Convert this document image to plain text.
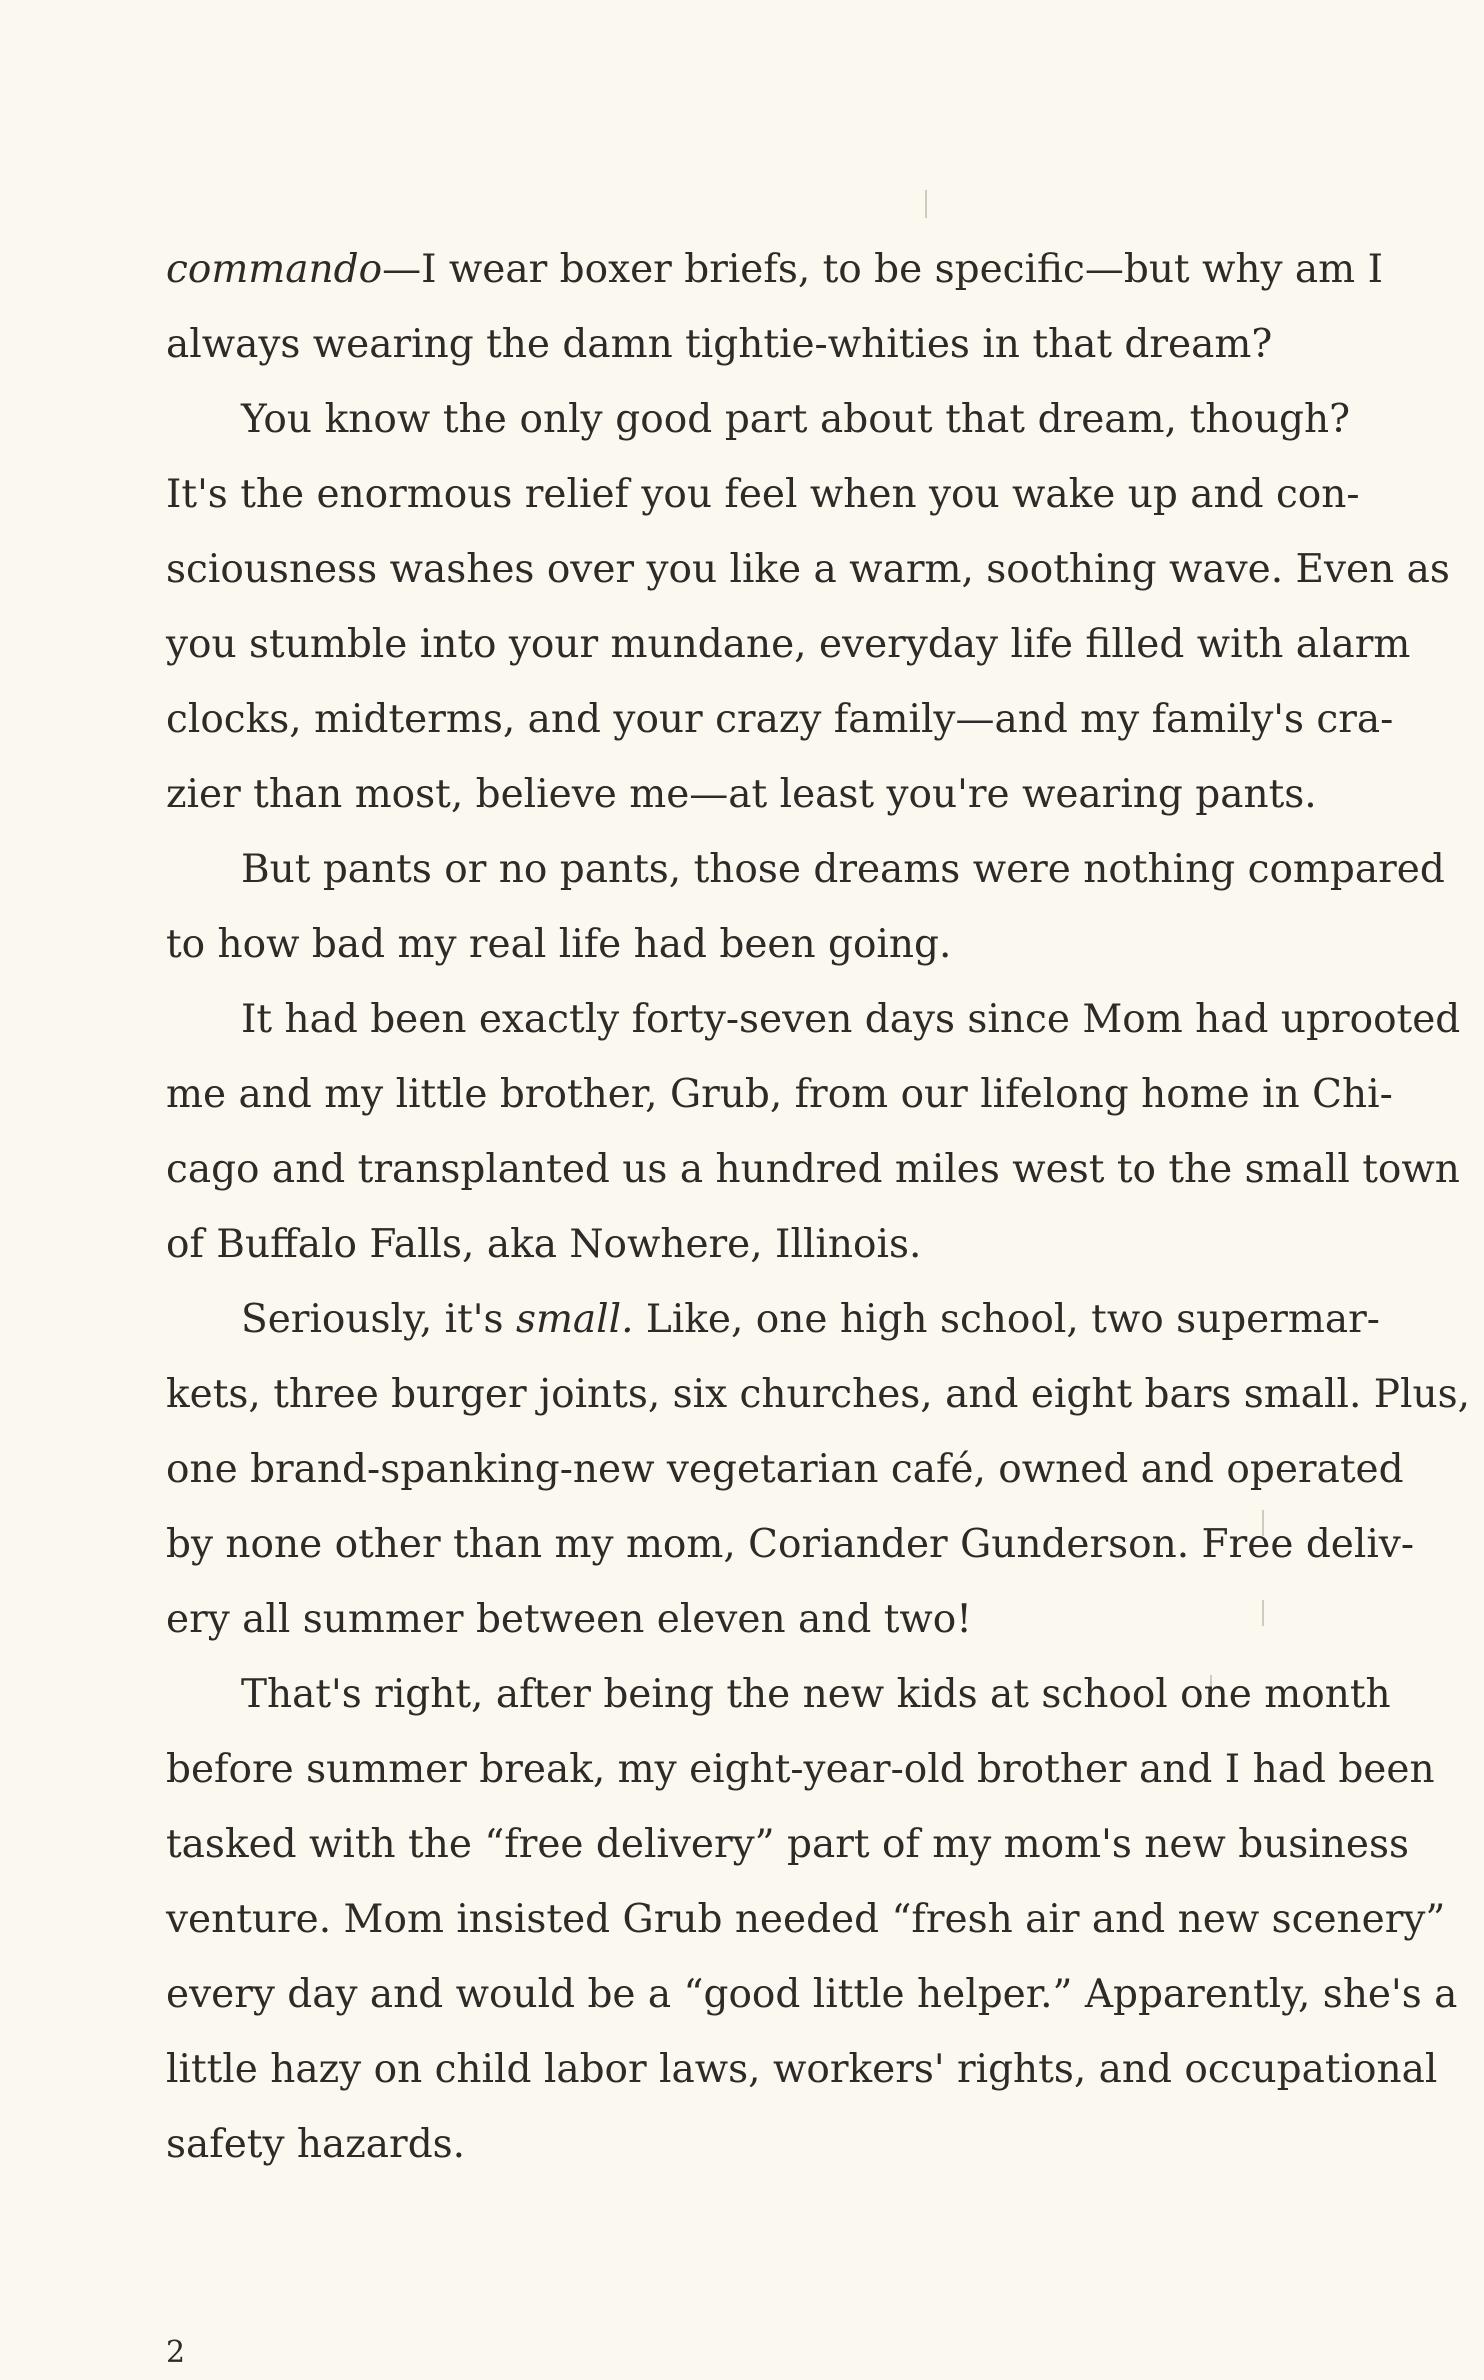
commando—I wear boxer briefs, to be specific—but why am I
always wearing the damn tightie-whities in that dream?
You know the only good part about that dream, though?
It's the enormous relief you feel when you wake up and con-
sciousness washes over you like a warm, soothing wave. Even as
you stumble into your mundane, everyday life filled with alarm
clocks, midterms, and your crazy family—and my family's cra-
zier than most, believe me—at least you're wearing pants.
But pants or no pants, those dreams were nothing compared
to how bad my real life had been going.
It had been exactly forty-seven days since Mom had uprooted
me and my little brother, Grub, from our lifelong home in Chi-
cago and transplanted us a hundred miles west to the small town
of Buffalo Falls, aka Nowhere, Illinois.
Seriously, it's small. Like, one high school, two supermar-
kets, three burger joints, six churches, and eight bars small. Plus,
one brand-spanking-new vegetarian café, owned and operated
by none other than my mom, Coriander Gunderson. Free deliv-
ery all summer between eleven and two!
That's right, after being the new kids at school one month
before summer break, my eight-year-old brother and I had been
tasked with the “free delivery” part of my mom's new business
venture. Mom insisted Grub needed “fresh air and new scenery”
every day and would be a “good little helper.” Apparently, she's a
little hazy on child labor laws, workers' rights, and occupational
safety hazards.
2
